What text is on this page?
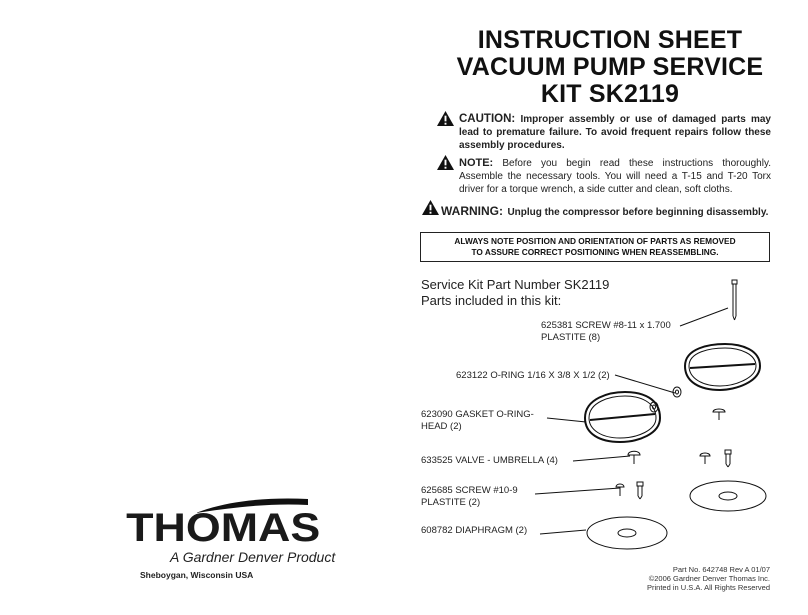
INSTRUCTION SHEET
VACUUM PUMP SERVICE
KIT SK2119
CAUTION: Improper assembly or use of damaged parts may lead to premature failure. To avoid frequent repairs follow these assembly procedures.
NOTE: Before you begin read these instructions thoroughly. Assemble the necessary tools. You will need a T-15 and T-20 Torx driver for a torque wrench, a side cutter and clean, soft cloths.
WARNING: Unplug the compressor before beginning disassembly.
ALWAYS NOTE POSITION AND ORIENTATION OF PARTS AS REMOVED
TO ASSURE CORRECT POSITIONING WHEN REASSEMBLING.
Service Kit Part Number SK2119
Parts included in this kit:
625381 SCREW #8-11 x 1.700
PLASTITE (8)
623122 O-RING 1/16 X 3/8 X 1/2 (2)
623090 GASKET O-RING-
HEAD (2)
633525 VALVE - UMBRELLA (4)
625685 SCREW #10-9
PLASTITE (2)
608782 DIAPHRAGM (2)
THOMAS
A Gardner Denver Product
Sheboygan, Wisconsin USA
Part No. 642748 Rev A 01/07
©2006 Gardner Denver Thomas Inc.
Printed in U.S.A. All Rights Reserved
